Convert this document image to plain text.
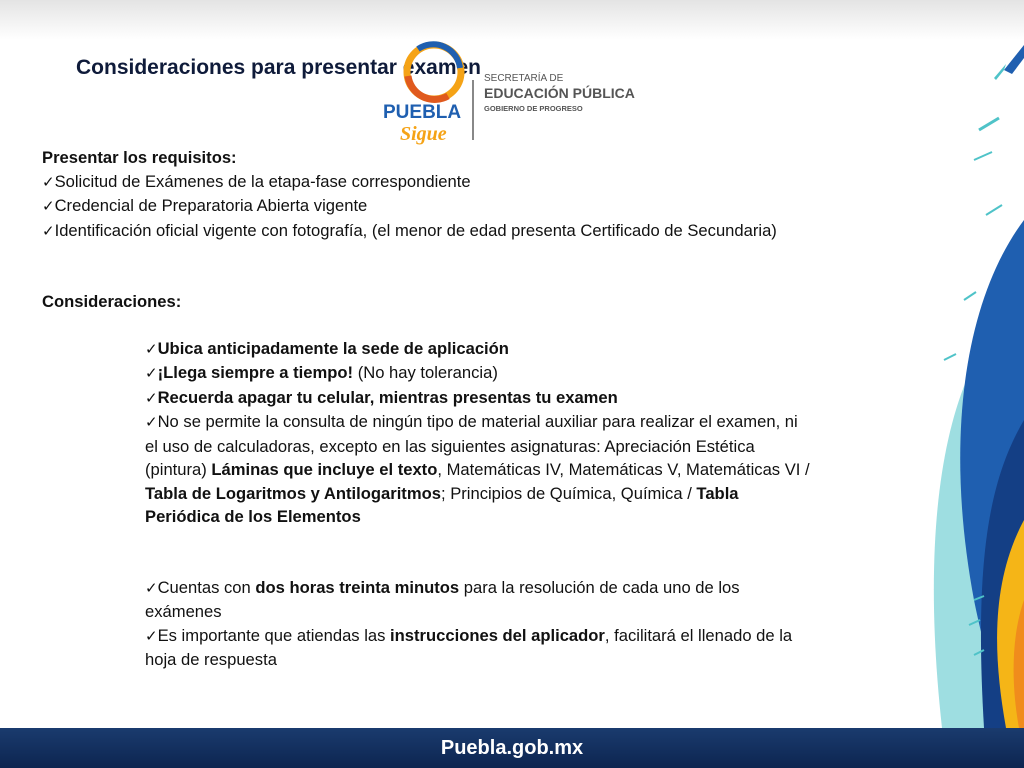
Consideraciones para presentar examen
PUEBLA
Sigue
SECRETARÍA DE
EDUCACIÓN PÚBLICA
GOBIERNO DE PROGRESO

Presentar los requisitos:

✓Solicitud de Exámenes de la etapa-fase correspondiente

✓Credencial de Preparatoria Abierta vigente

✓Identificación oficial vigente con fotografía, (el menor de edad presenta Certificado de Secundaria)

Consideraciones:

✓Ubica anticipadamente la sede de aplicación

✓¡Llega siempre a tiempo! (No hay tolerancia)

✓Recuerda apagar tu celular, mientras presentas tu examen

✓No se permite la consulta de ningún tipo de material auxiliar para realizar el examen, ni el uso de calculadoras, excepto en las siguientes asignaturas: Apreciación Estética (pintura) Láminas que incluye el texto, Matemáticas IV, Matemáticas V, Matemáticas VI / Tabla de Logaritmos y Antilogaritmos; Principios de Química, Química / Tabla Periódica de los Elementos

✓Cuentas con dos horas treinta minutos para la resolución de cada uno de los exámenes

✓Es importante que atiendas las instrucciones del aplicador, facilitará el llenado de la hoja de respuesta

Puebla.gob.mx
